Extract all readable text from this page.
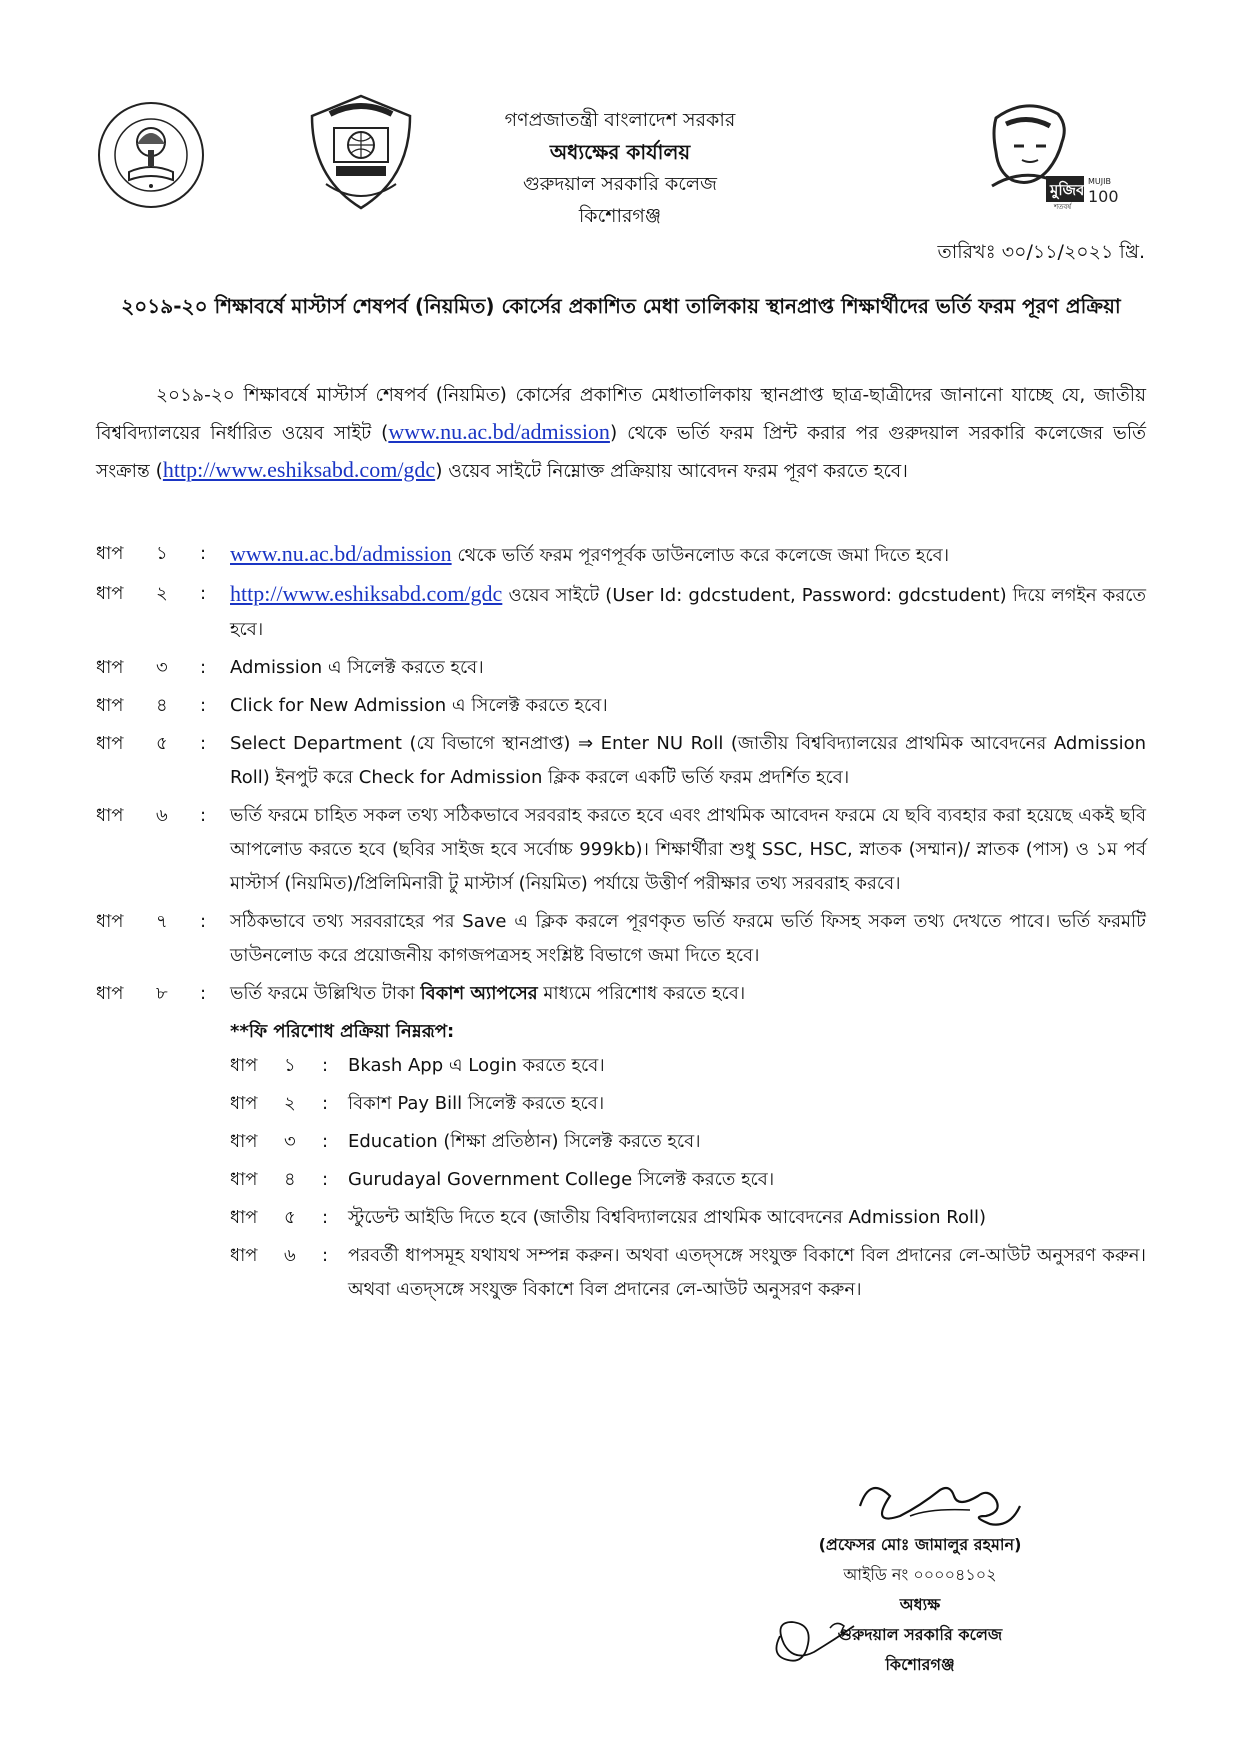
গণপ্রজাতন্ত্রী বাংলাদেশ সরকার
অধ্যক্ষের কার্যালয়
গুরুদয়াল সরকারি কলেজ
কিশোরগঞ্জ
মুজিব MUJIB
100
শতবর্ষ
তারিখঃ ৩০/১১/২০২১ খ্রি.
২০১৯-২০ শিক্ষাবর্ষে মাস্টার্স শেষপর্ব (নিয়মিত) কোর্সের প্রকাশিত মেধা তালিকায় স্থানপ্রাপ্ত শিক্ষার্থীদের ভর্তি ফরম পূরণ প্রক্রিয়া
২০১৯-২০ শিক্ষাবর্ষে মাস্টার্স শেষপর্ব (নিয়মিত) কোর্সের প্রকাশিত মেধাতালিকায় স্থানপ্রাপ্ত ছাত্র-ছাত্রীদের জানানো যাচ্ছে যে, জাতীয় বিশ্ববিদ্যালয়ের নির্ধারিত ওয়েব সাইট (www.nu.ac.bd/admission) থেকে ভর্তি ফরম প্রিন্ট করার পর গুরুদয়াল সরকারি কলেজের ভর্তি সংক্রান্ত (http://www.eshiksabd.com/gdc) ওয়েব সাইটে নিম্নোক্ত প্রক্রিয়ায় আবেদন ফরম পূরণ করতে হবে।
ধাপ	১	:	www.nu.ac.bd/admission থেকে ভর্তি ফরম পূরণপূর্বক ডাউনলোড করে কলেজে জমা দিতে হবে।
ধাপ	২	:	http://www.eshiksabd.com/gdc ওয়েব সাইটে (User Id: gdcstudent, Password: gdcstudent) দিয়ে লগইন করতে হবে।
ধাপ	৩	:	Admission এ সিলেক্ট করতে হবে।
ধাপ	৪	:	Click for New Admission এ সিলেক্ট করতে হবে।
ধাপ	৫	:	Select Department (যে বিভাগে স্থানপ্রাপ্ত) ⇒ Enter NU Roll (জাতীয় বিশ্ববিদ্যালয়ের প্রাথমিক আবেদনের Admission Roll) ইনপুট করে Check for Admission ক্লিক করলে একটি ভর্তি ফরম প্রদর্শিত হবে।
ধাপ	৬	:	ভর্তি ফরমে চাহিত সকল তথ্য সঠিকভাবে সরবরাহ করতে হবে এবং প্রাথমিক আবেদন ফরমে যে ছবি ব্যবহার করা হয়েছে একই ছবি আপলোড করতে হবে (ছবির সাইজ হবে সর্বোচ্চ 999kb)। শিক্ষার্থীরা শুধু SSC, HSC, স্নাতক (সম্মান)/ স্নাতক (পাস) ও ১ম পর্ব মাস্টার্স (নিয়মিত)/প্রিলিমিনারী টু মাস্টার্স (নিয়মিত) পর্যায়ে উত্তীর্ণ পরীক্ষার তথ্য সরবরাহ করবে।
ধাপ	৭	:	সঠিকভাবে তথ্য সরবরাহের পর Save এ ক্লিক করলে পূরণকৃত ভর্তি ফরমে ভর্তি ফিসহ সকল তথ্য দেখতে পাবে। ভর্তি ফরমটি ডাউনলোড করে প্রয়োজনীয় কাগজপত্রসহ সংশ্লিষ্ট বিভাগে জমা দিতে হবে।
ধাপ	৮	:	ভর্তি ফরমে উল্লিখিত টাকা বিকাশ অ্যাপসের মাধ্যমে পরিশোধ করতে হবে।
**ফি পরিশোধ প্রক্রিয়া নিম্নরূপ:
ধাপ	১	:	Bkash App এ Login করতে হবে।
ধাপ	২	:	বিকাশ Pay Bill সিলেক্ট করতে হবে।
ধাপ	৩	:	Education (শিক্ষা প্রতিষ্ঠান) সিলেক্ট করতে হবে।
ধাপ	৪	:	Gurudayal Government College সিলেক্ট করতে হবে।
ধাপ	৫	:	স্টুডেন্ট আইডি দিতে হবে (জাতীয় বিশ্ববিদ্যালয়ের প্রাথমিক আবেদনের Admission Roll)
ধাপ	৬	:	পরবর্তী ধাপসমূহ যথাযথ সম্পন্ন করুন। অথবা এতদ্সঙ্গে সংযুক্ত বিকাশে বিল প্রদানের লে-আউট অনুসরণ করুন। অথবা এতদ্সঙ্গে সংযুক্ত বিকাশে বিল প্রদানের লে-আউট অনুসরণ করুন।
(প্রফেসর মোঃ জামালুর রহমান)
আইডি নং ০০০০৪১০২
অধ্যক্ষ
গুরুদয়াল সরকারি কলেজ
কিশোরগঞ্জ
